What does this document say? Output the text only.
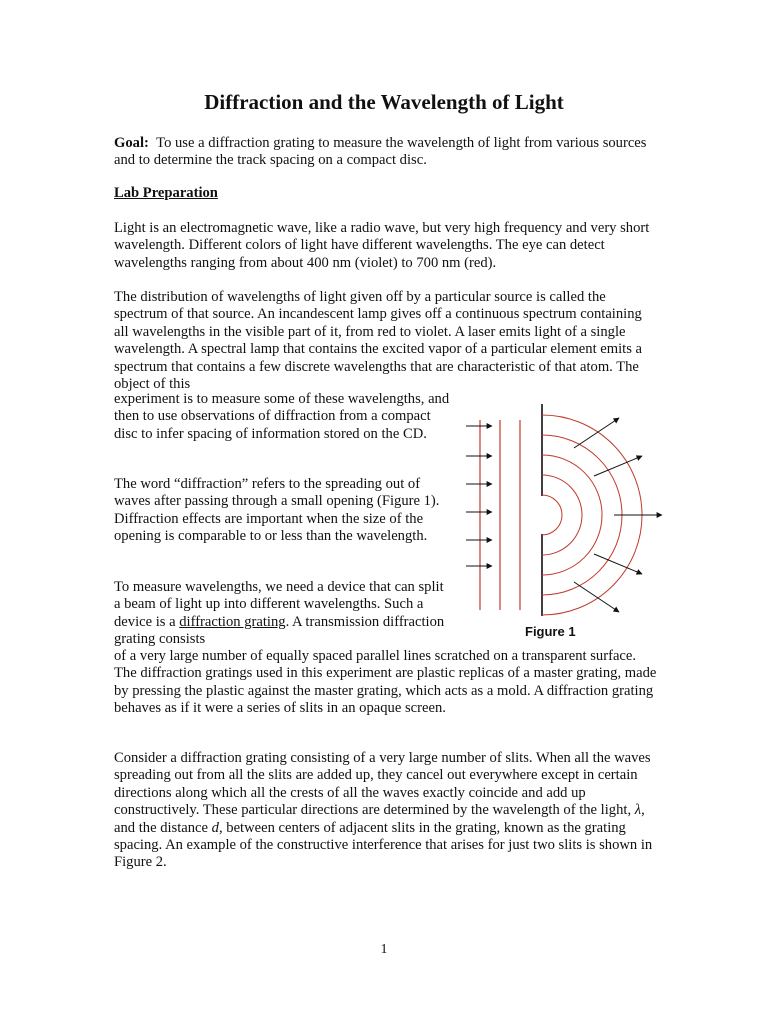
Diffraction and the Wavelength of Light

Goal: To use a diffraction grating to measure the wavelength of light from various sources and to determine the track spacing on a compact disc.

Lab Preparation

Light is an electromagnetic wave, like a radio wave, but very high frequency and very short wavelength. Different colors of light have different wavelengths. The eye can detect wavelengths ranging from about 400 nm (violet) to 700 nm (red).

The distribution of wavelengths of light given off by a particular source is called the spectrum of that source. An incandescent lamp gives off a continuous spectrum containing all wavelengths in the visible part of it, from red to violet. A laser emits light of a single wavelength. A spectral lamp that contains the excited vapor of a particular element emits a spectrum that contains a few discrete wavelengths that are characteristic of that atom. The object of this

experiment is to measure some of these wavelengths, and then to use observations of diffraction from a compact disc to infer spacing of information stored on the CD.

The word “diffraction” refers to the spreading out of waves after passing through a small opening (Figure 1). Diffraction effects are important when the size of the opening is comparable to or less than the wavelength.

To measure wavelengths, we need a device that can split a beam of light up into different wavelengths. Such a device is a diffraction grating. A transmission diffraction grating consists

of a very large number of equally spaced parallel lines scratched on a transparent surface. The diffraction gratings used in this experiment are plastic replicas of a master grating, made by pressing the plastic against the master grating, which acts as a mold. A diffraction grating behaves as if it were a series of slits in an opaque screen.

Consider a diffraction grating consisting of a very large number of slits. When all the waves spreading out from all the slits are added up, they cancel out everywhere except in certain directions along which all the crests of all the waves exactly coincide and add up constructively. These particular directions are determined by the wavelength of the light, λ, and the distance d, between centers of adjacent slits in the grating, known as the grating spacing. An example of the constructive interference that arises for just two slits is shown in Figure 2.

Figure 1

1
